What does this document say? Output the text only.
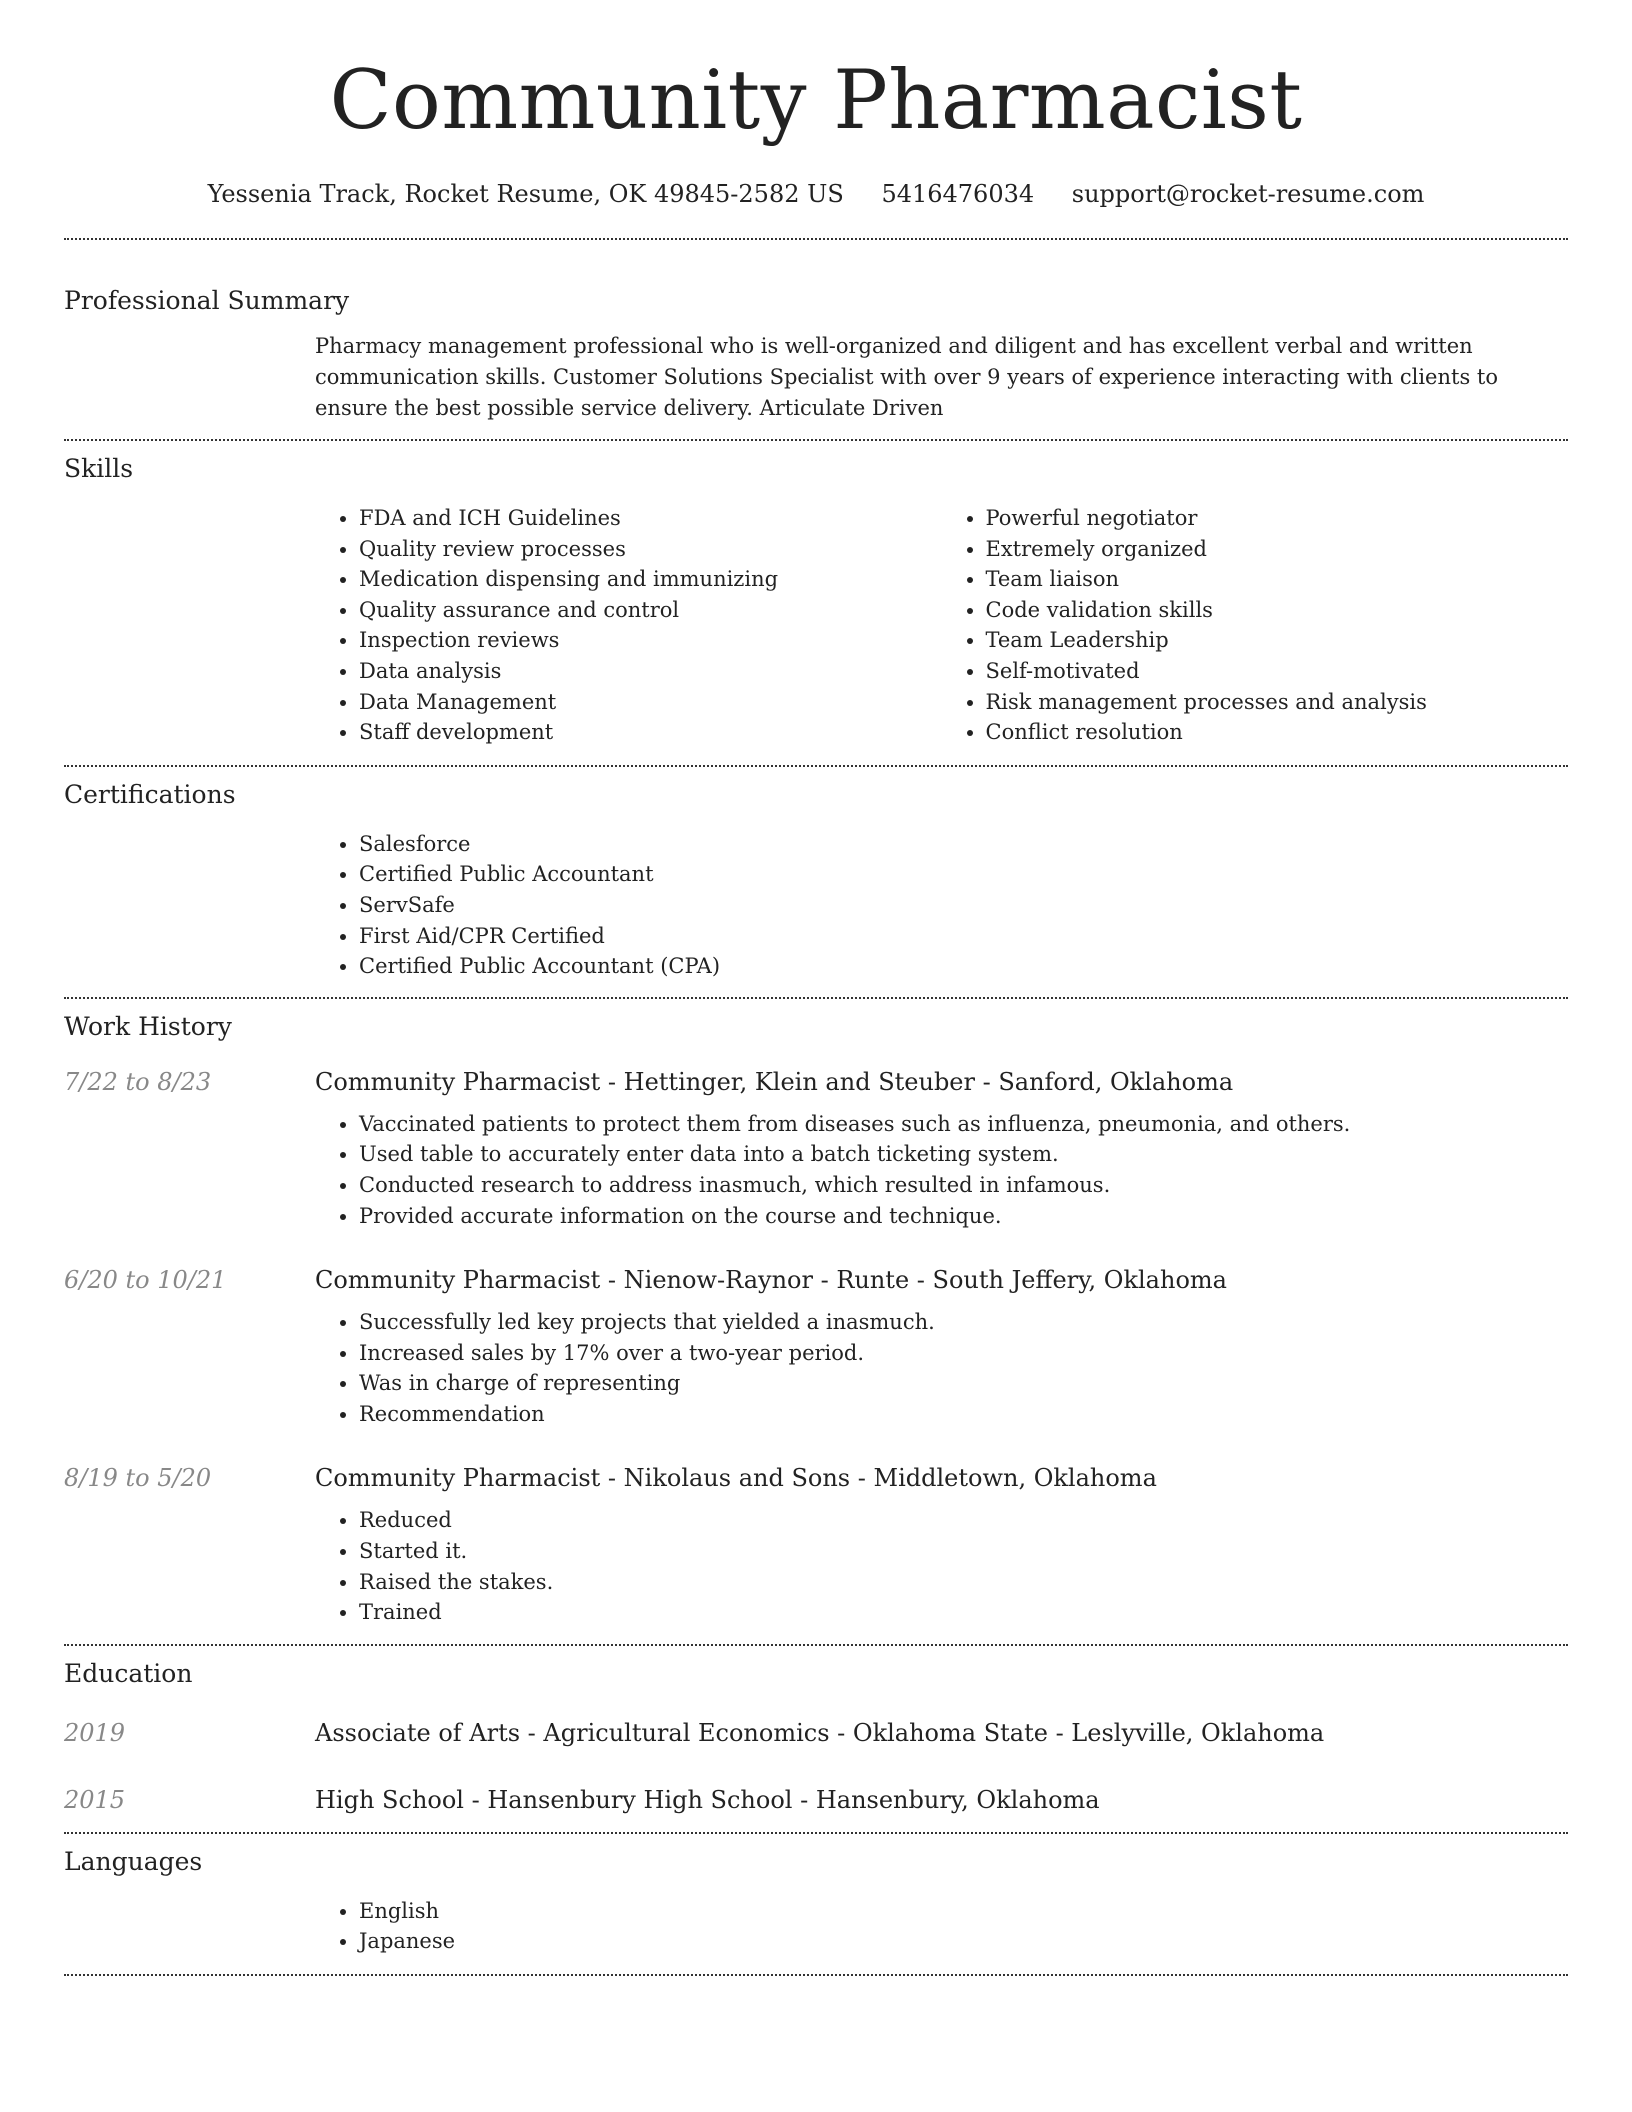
Community Pharmacist
Yessenia Track, Rocket Resume, OK 49845-2582 US 5416476034 support@rocket-resume.com
Professional Summary
Pharmacy management professional who is well-organized and diligent and has excellent verbal and written communication skills. Customer Solutions Specialist with over 9 years of experience interacting with clients to ensure the best possible service delivery. Articulate Driven
Skills
• FDA and ICH Guidelines
• Quality review processes
• Medication dispensing and immunizing
• Quality assurance and control
• Inspection reviews
• Data analysis
• Data Management
• Staff development
• Powerful negotiator
• Extremely organized
• Team liaison
• Code validation skills
• Team Leadership
• Self-motivated
• Risk management processes and analysis
• Conflict resolution
Certifications
• Salesforce
• Certified Public Accountant
• ServSafe
• First Aid/CPR Certified
• Certified Public Accountant (CPA)
Work History
7/22 to 8/23	Community Pharmacist - Hettinger, Klein and Steuber - Sanford, Oklahoma
• Vaccinated patients to protect them from diseases such as influenza, pneumonia, and others.
• Used table to accurately enter data into a batch ticketing system.
• Conducted research to address inasmuch, which resulted in infamous.
• Provided accurate information on the course and technique.
6/20 to 10/21	Community Pharmacist - Nienow-Raynor - Runte - South Jeffery, Oklahoma
• Successfully led key projects that yielded a inasmuch.
• Increased sales by 17% over a two-year period.
• Was in charge of representing
• Recommendation
8/19 to 5/20	Community Pharmacist - Nikolaus and Sons - Middletown, Oklahoma
• Reduced
• Started it.
• Raised the stakes.
• Trained
Education
2019	Associate of Arts - Agricultural Economics - Oklahoma State - Leslyville, Oklahoma
2015	High School - Hansenbury High School - Hansenbury, Oklahoma
Languages
• English
• Japanese
